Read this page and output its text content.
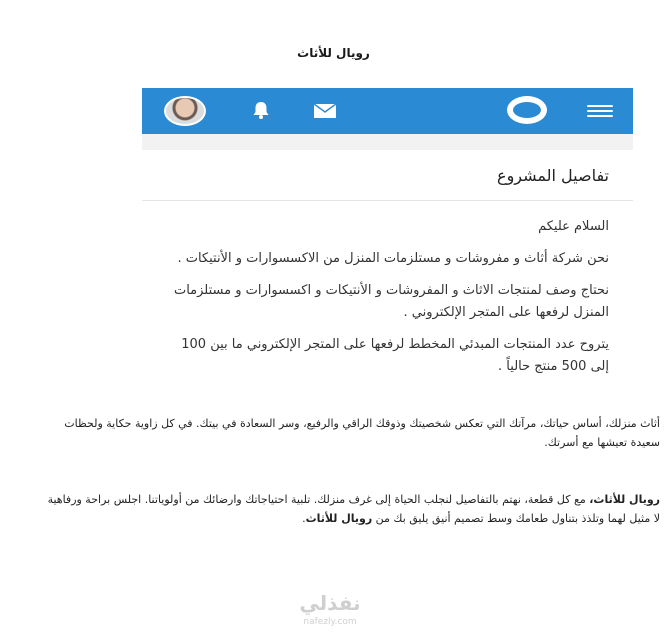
رويال للأثاث
تفاصيل المشروع

السلام عليكم

نحن شركة أثاث و مفروشات و مستلزمات المنزل من الاكسسوارات و الأنتيكات .

نحتاج وصف لمنتجات الاثاث و المفروشات و الأنتيكات و اكسسوارات و مستلزمات المنزل لرفعها على المتجر الإلكتروني .

يتروح عدد المنتجات المبدئي المخطط لرفعها على المتجر الإلكتروني ما بين 100 إلى 500 منتج حالياً .

أثاث منزلك، أساس حياتك، مرآتك التي تعكس شخصيتك وذوقك الراقي والرفيع، وسر السعادة في بيتك. في كل زاوية حكاية ولحظات سعيدة تعيشها مع أسرتك.
رويال للأثاث، مع كل قطعة، نهتم بالتفاصيل لنجلب الحياة إلى غرف منزلك. تلبية احتياجاتك وارضائك من أولوياتنا. اجلس براحة ورفاهية لا مثيل لهما وتلذذ بتناول طعامك وسط تصميم أنيق يليق بك من رويال للأثاث.
نفذلي
nafezly.com
